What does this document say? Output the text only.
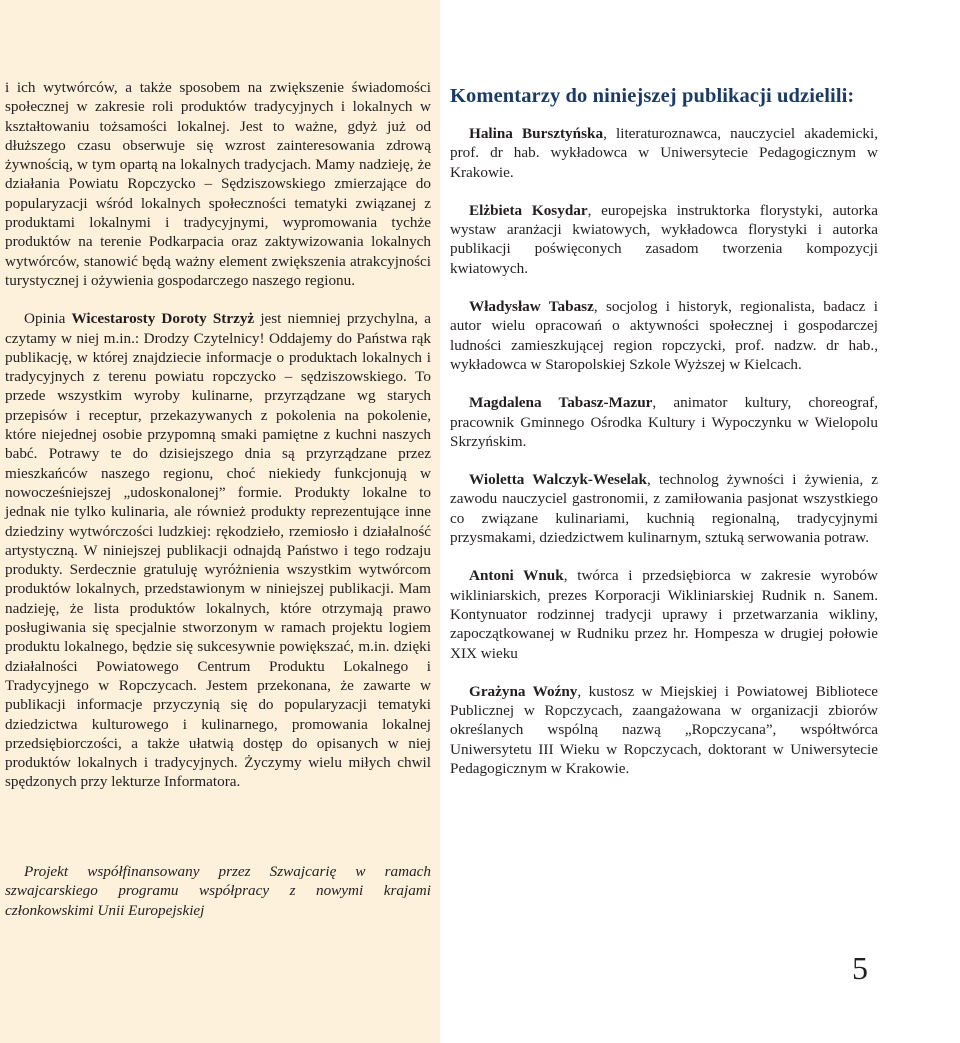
i ich wytwórców, a także sposobem na zwiększenie świadomości społecznej w zakresie roli produktów tradycyjnych i lokalnych w kształtowaniu tożsamości lokalnej. Jest to ważne, gdyż już od dłuższego czasu obserwuje się wzrost zainteresowania zdrową żywnością, w tym opartą na lokalnych tradycjach. Mamy nadzieję, że działania Powiatu Ropczycko – Sędziszowskiego zmierzające do popularyzacji wśród lokalnych społeczności tematyki związanej z produktami lokalnymi i tradycyjnymi, wypromowania tychże produktów na terenie Podkarpacia oraz zaktywizowania lokalnych wytwórców, stanowić będą ważny element zwiększenia atrakcyjności turystycznej i ożywienia gospodarczego naszego regionu.

Opinia Wicestarosty Doroty Strzyż jest niemniej przychylna, a czytamy w niej m.in.: Drodzy Czytelnicy! Oddajemy do Państwa rąk publikację, w której znajdziecie informacje o produktach lokalnych i tradycyjnych z terenu powiatu ropczycko – sędziszowskiego. To przede wszystkim wyroby kulinarne, przyrządzane wg starych przepisów i receptur, przekazywanych z pokolenia na pokolenie, które niejednej osobie przypomną smaki pamiętne z kuchni naszych babć. Potrawy te do dzisiejszego dnia są przyrządzane przez mieszkańców naszego regionu, choć niekiedy funkcjonują w nowocześniejszej „udoskonalonej” formie. Produkty lokalne to jednak nie tylko kulinaria, ale również produkty reprezentujące inne dziedziny wytwórczości ludzkiej: rękodzieło, rzemiosło i działalność artystyczną. W niniejszej publikacji odnajdą Państwo i tego rodzaju produkty. Serdecznie gratuluję wyróżnienia wszystkim wytwórcom produktów lokalnych, przedstawionym w niniejszej publikacji. Mam nadzieję, że lista produktów lokalnych, które otrzymają prawo posługiwania się specjalnie stworzonym w ramach projektu logiem produktu lokalnego, będzie się sukcesywnie powiększać, m.in. dzięki działalności Powiatowego Centrum Produktu Lokalnego i Tradycyjnego w Ropczycach. Jestem przekonana, że zawarte w publikacji informacje przyczynią się do popularyzacji tematyki dziedzictwa kulturowego i kulinarnego, promowania lokalnej przedsiębiorczości, a także ułatwią dostęp do opisanych w niej produktów lokalnych i tradycyjnych. Życzymy wielu miłych chwil spędzonych przy lekturze Informatora.

Projekt współfinansowany przez Szwajcarię w ramach szwajcarskiego programu współpracy z nowymi krajami członkowskimi Unii Europejskiej
Komentarzy do niniejszej publikacji udzielili:

Halina Bursztyńska, literaturoznawca, nauczyciel akademicki, prof. dr hab. wykładowca w Uniwersytecie Pedagogicznym w Krakowie.

Elżbieta Kosydar, europejska instruktorka florystyki, autorka wystaw aranżacji kwiatowych, wykładowca florystyki i autorka publikacji poświęconych zasadom tworzenia kompozycji kwiatowych.

Władysław Tabasz, socjolog i historyk, regionalista, badacz i autor wielu opracowań o aktywności społecznej i gospodarczej ludności zamieszkującej region ropczycki, prof. nadzw. dr hab., wykładowca w Staropolskiej Szkole Wyższej w Kielcach.

Magdalena Tabasz-Mazur, animator kultury, choreograf, pracownik Gminnego Ośrodka Kultury i Wypoczynku w Wielopolu Skrzyńskim.

Wioletta Walczyk-Weselak, technolog żywności i żywienia, z zawodu nauczyciel gastronomii, z zamiłowania pasjonat wszystkiego co związane kulinariami, kuchnią regionalną, tradycyjnymi przysmakami, dziedzictwem kulinarnym, sztuką serwowania potraw.

Antoni Wnuk, twórca i przedsiębiorca w zakresie wyrobów wikliniarskich, prezes Korporacji Wikliniarskiej Rudnik n. Sanem. Kontynuator rodzinnej tradycji uprawy i przetwarzania wikliny, zapoczątkowanej w Rudniku przez hr. Hompesza w drugiej połowie XIX wieku

Grażyna Woźny, kustosz w Miejskiej i Powiatowej Bibliotece Publicznej w Ropczycach, zaangażowana w organizacji zbiorów określanych wspólną nazwą „Ropczycana”, współtwórca Uniwersytetu III Wieku w Ropczycach, doktorant w Uniwersytecie Pedagogicznym w Krakowie.

5
